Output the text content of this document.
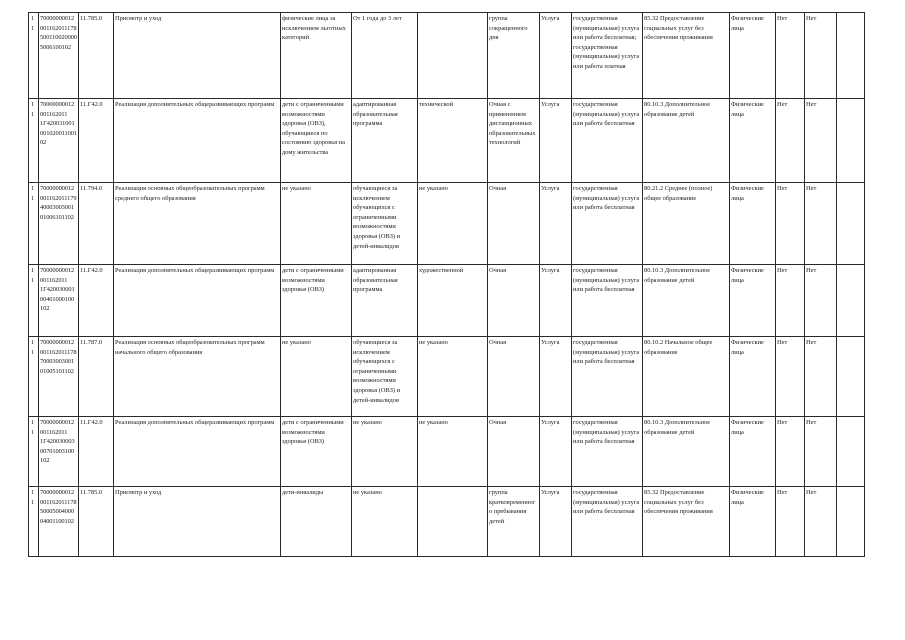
11	700000000120011620111785001100200005006100102	11.785.0	Присмотр и уход	физические лица за исключением льготных категорий	От 1 года до 3 лет		группа сокращенного дня	Услуга	государственная (муниципальная) услуга или работа бесплатная; государственная (муниципальная) услуга или работа платная	85.32 Предоставление социальных услуг без обеспечения проживания	Физические лица	Нет	Нет	
11	70000000012001162011 1Г42003100100102001100102	11.Г42.0	Реализация дополнительных общеразвивающих программ	дети с ограниченными возможностями здоровья (ОВЗ), обучающиеся по состоянию здоровья на дому жительства	адаптированная образовательная программа	технической	Очная с применением дистанционных образовательных технологий	Услуга	государственная (муниципальная) услуга или работа бесплатная	80.10.3 Дополнительное образование детей	Физические лица	Нет	Нет	
11	700000000120011620111794000300300101006101102	11.794.0	Реализация основных общеобразовательных программ среднего общего образования	не указано	обучающиеся за исключением обучающихся с ограниченными возможностями здоровья (ОВЗ) и детей-инвалидов	не указано	Очная	Услуга	государственная (муниципальная) услуга или работа бесплатная	80.21.2 Среднее (полное) общее образование	Физические лица	Нет	Нет	
11	70000000012001162011 1Г42003000100401000100102	11.Г42.0	Реализация дополнительных общеразвивающих программ	дети с ограниченными возможностями здоровья (ОВЗ)	адаптированная образовательная программа	художественной	Очная	Услуга	государственная (муниципальная) услуга или работа бесплатная	80.10.3 Дополнительное образование детей	Физические лица	Нет	Нет	
11	700000000120011620111787000300300101005101102	11.787.0	Реализация основных общеобразовательных программ начального общего образования	не указано	обучающиеся за исключением обучающихся с ограниченными возможностями здоровья (ОВЗ) и детей-инвалидов	не указано	Очная	Услуга	государственная (муниципальная) услуга или работа бесплатная	80.10.2 Начальное общее образование	Физические лица	Нет	Нет	
11	70000000012001162011 1Г42003000300701003100102	11.Г42.0	Реализация дополнительных общеразвивающих программ	дети с ограниченными возможностями здоровья (ОВЗ)	не указано	не указано	Очная	Услуга	государственная (муниципальная) услуга или работа бесплатная	80.10.3 Дополнительное образование детей	Физические лица	Нет	Нет	
11	700000000120011620111785000500400004001100102	11.785.0	Присмотр и уход	дети-инвалиды	не указано		группа кратковременного пребывания детей	Услуга	государственная (муниципальная) услуга или работа бесплатная	85.32 Предоставление социальных услуг без обеспечения проживания	Физические лица	Нет	Нет	
